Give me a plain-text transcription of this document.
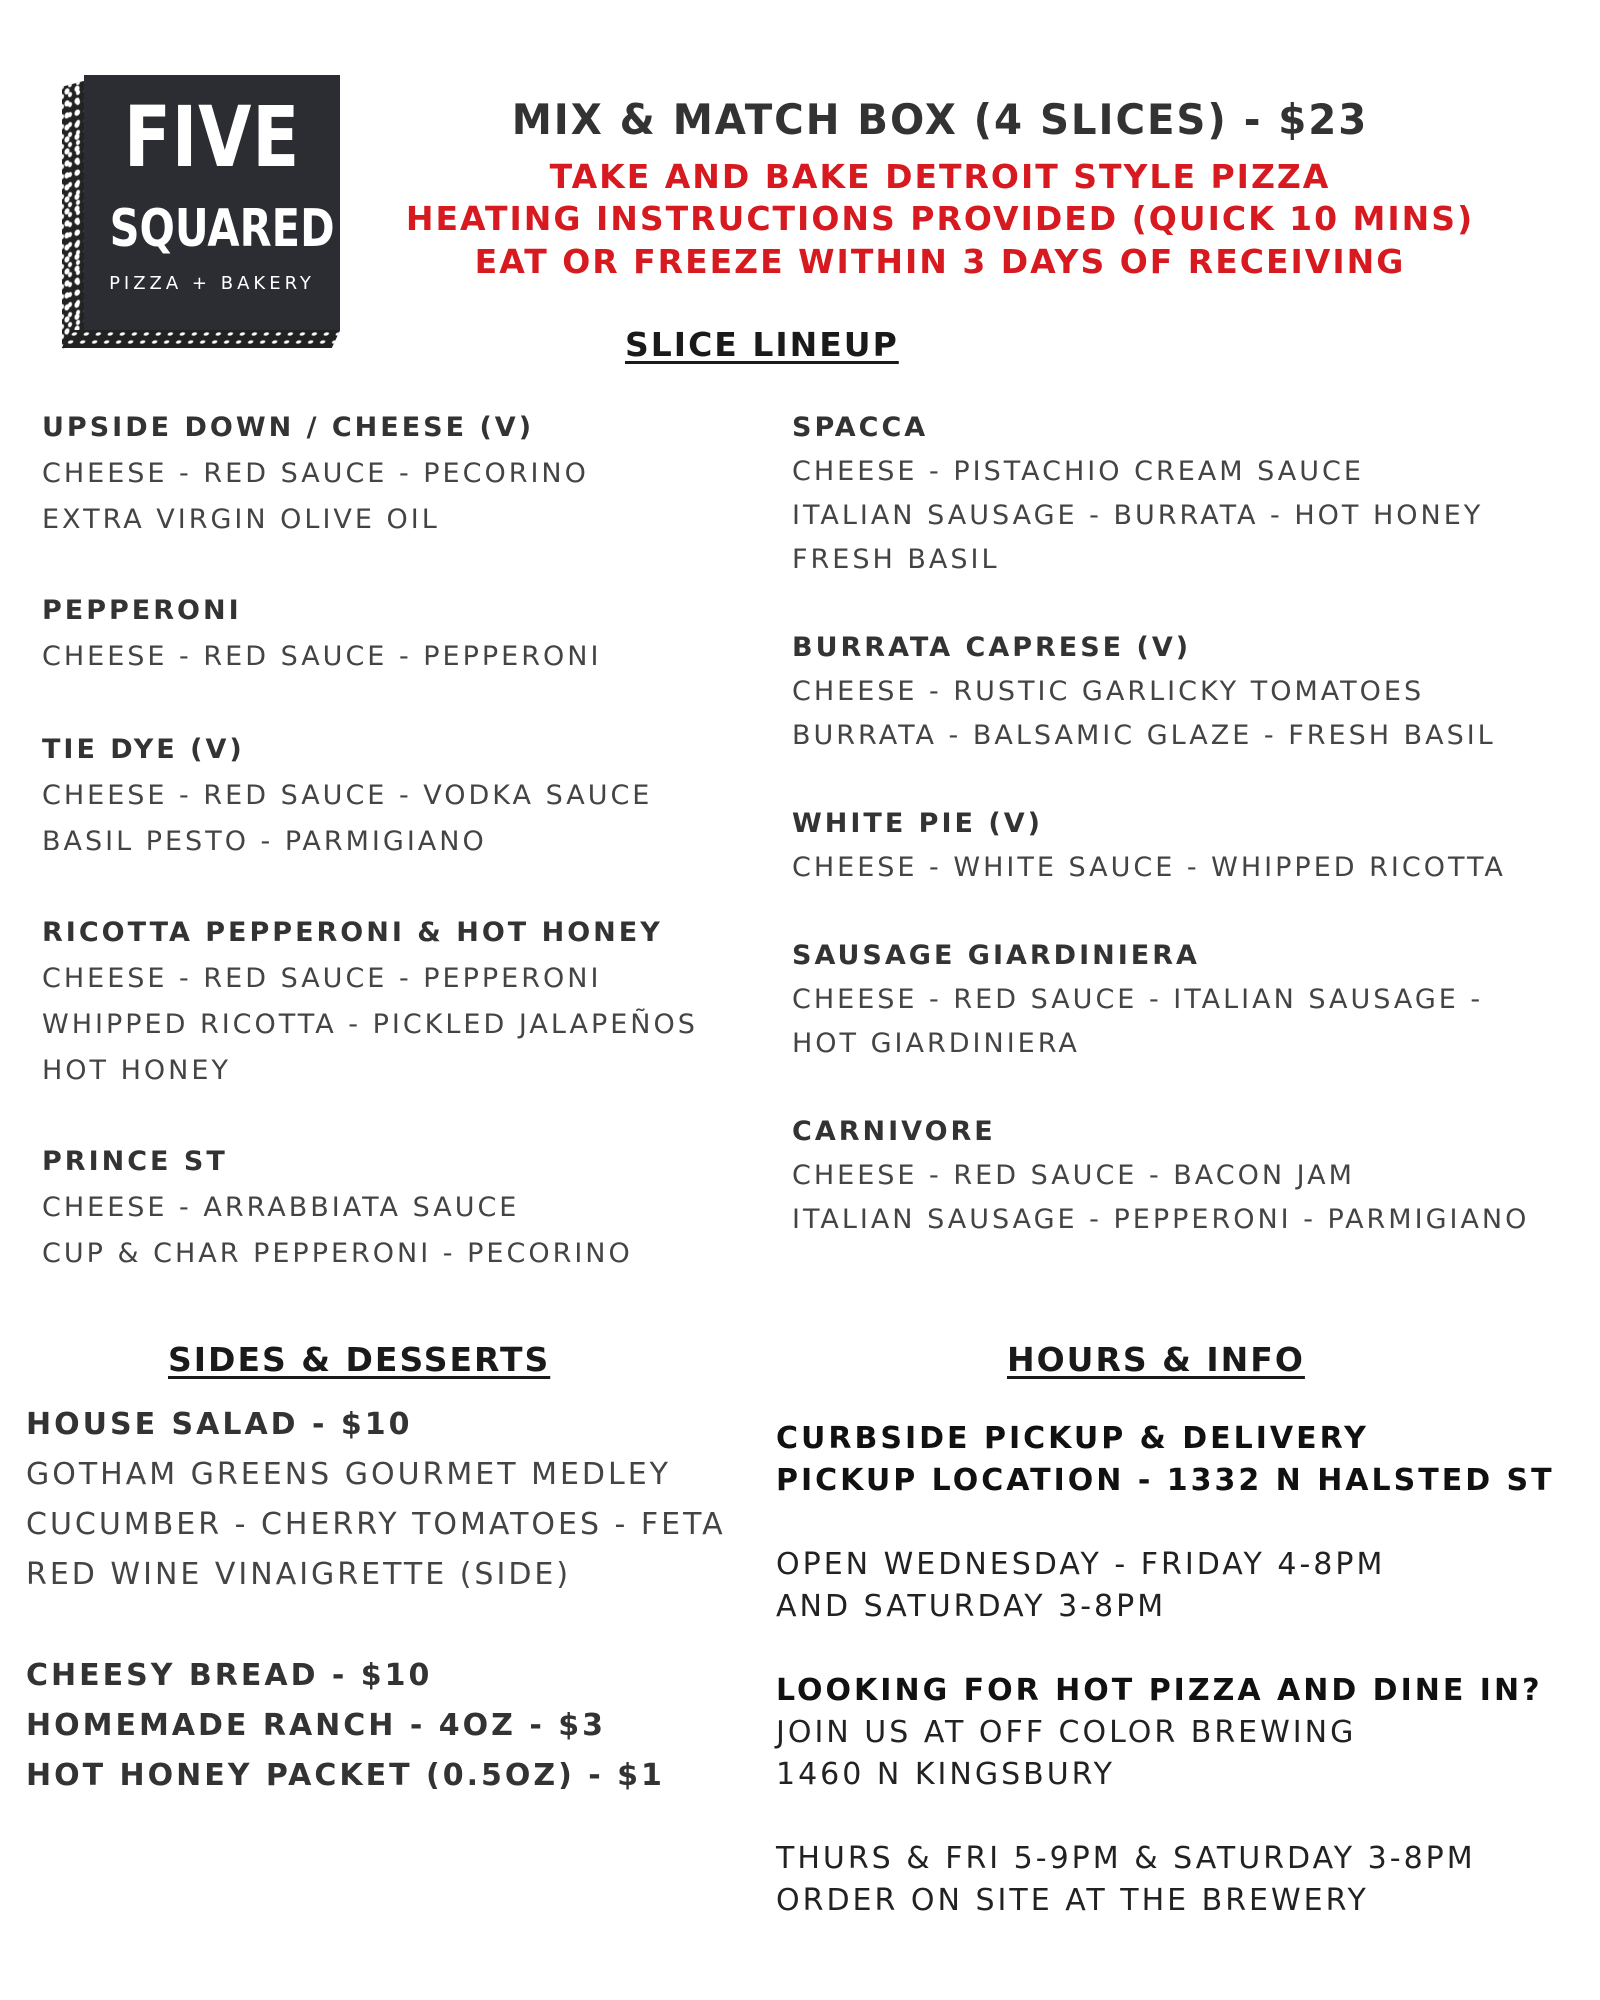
FIVE
SQUARED
PIZZA + BAKERY
MIX & MATCH BOX (4 SLICES) - $23
TAKE AND BAKE DETROIT STYLE PIZZA
HEATING INSTRUCTIONS PROVIDED (QUICK 10 MINS)
EAT OR FREEZE WITHIN 3 DAYS OF RECEIVING
SLICE LINEUP
UPSIDE DOWN / CHEESE (V)
CHEESE - RED SAUCE - PECORINO
EXTRA VIRGIN OLIVE OIL
PEPPERONI
CHEESE - RED SAUCE - PEPPERONI
TIE DYE (V)
CHEESE - RED SAUCE - VODKA SAUCE
BASIL PESTO - PARMIGIANO
RICOTTA PEPPERONI & HOT HONEY
CHEESE - RED SAUCE - PEPPERONI
WHIPPED RICOTTA - PICKLED JALAPEÑOS
HOT HONEY
PRINCE ST
CHEESE - ARRABBIATA SAUCE
CUP & CHAR PEPPERONI - PECORINO
SPACCA
CHEESE - PISTACHIO CREAM SAUCE
ITALIAN SAUSAGE - BURRATA - HOT HONEY
FRESH BASIL
BURRATA CAPRESE (V)
CHEESE - RUSTIC GARLICKY TOMATOES
BURRATA - BALSAMIC GLAZE - FRESH BASIL
WHITE PIE (V)
CHEESE - WHITE SAUCE - WHIPPED RICOTTA
SAUSAGE GIARDINIERA
CHEESE - RED SAUCE - ITALIAN SAUSAGE -
HOT GIARDINIERA
CARNIVORE
CHEESE - RED SAUCE - BACON JAM
ITALIAN SAUSAGE - PEPPERONI - PARMIGIANO
SIDES & DESSERTS
HOUSE SALAD - $10
GOTHAM GREENS GOURMET MEDLEY
CUCUMBER - CHERRY TOMATOES - FETA
RED WINE VINAIGRETTE (SIDE)
CHEESY BREAD - $10
HOMEMADE RANCH - 4OZ - $3
HOT HONEY PACKET (0.5OZ) - $1
HOURS & INFO
CURBSIDE PICKUP & DELIVERY
PICKUP LOCATION - 1332 N HALSTED ST
OPEN WEDNESDAY - FRIDAY 4-8PM
AND SATURDAY 3-8PM
LOOKING FOR HOT PIZZA AND DINE IN?
JOIN US AT OFF COLOR BREWING
1460 N KINGSBURY
THURS & FRI 5-9PM & SATURDAY 3-8PM
ORDER ON SITE AT THE BREWERY
